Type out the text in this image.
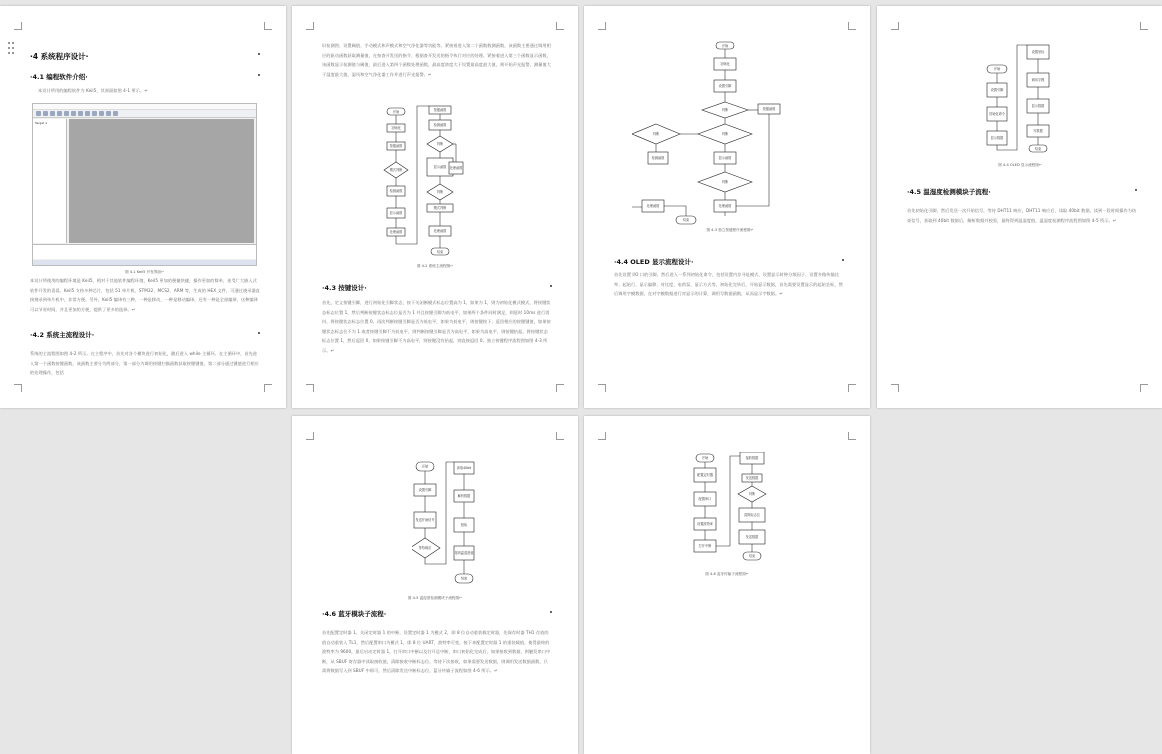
·4 系统程序设计·
·4.1 编程软件介绍·
本设计所用的编程软件为 Keil5，其界面如图 4-1 所示。↵
Target 1
图 4-1 Keil5 开发界面↵
本设计所使用的编程环境是 Keil5，相对于其他软件编程环境，Keil5 更加的便捷快捷，操作更加的简单，连受广大嵌入式软件开发的喜爱。Keil5 支持多种芯片，包括 51 单片机、STM32、MCS2、ARM 等，生成的 HEX 文件，可通过烧录器直接烧录到单片机中，非常方便。另外，Keil5 编译有三种，一种是移动，一种是移动编译，还有一种是全部编译，这种编译可以节省时间，并且更加的方便，提供了更多的选择。↵
·4.2 系统主流程设计·
系统的主流程图如图 4-2 所示。在主程序中，首先对各个模块进行初始化，随后进入 while 主循环。在主循环中，首先进入第一个函数按键函数，该函数主要分为两部分，第一部分为调用按键扫描函数获取按键键值，第二部分通过键值进行相应的处理操作，包括
识检测图、设置阈值、手动模式和声模式和空气净化器等功能等。紧接着进入第二个函数数测函数，该函数主要通过调用相应的驱动函数获取测量值，在按查开发送的指令、根据查开发送的指令执行对应的处理。紧接着进入第三个函数显示函数，该函数显示检测值与阈值，最后进入第四个函数处理函数，最高度浓度大于设置最高度最大值，则开始声光报警，测量值大于湿度最大值，湿风和空气净化器工作并进行声光报警。↵
开始
初始化
按键函数
模式判断
检测函数
显示函数
处理函数
按键函数
检测函数
判断
显示函数 处理函数
判断
模式判断
处理函数
结束
图 4-2 系统主流程图↵
·4.3 按键设计·
首先，定义按键引脚，进行初始化引脚状态，按下关闭断模式标志位置高为 1，如果为 1，则为初始化模式模式，将按键状态标志位置 1，然后判断按键状态标志位是否为 1 并且按键引脚为低电平，如果两个条件同时满足，则延时 10ms 进行消抖，将按键状态标志位置 0，再次判断按键引脚是否为低电平，如果为低电平，则按键按下；返回相应的按键键值，如果按键状态标志位不为 1 或者按键引脚不为低电平，则判断按键引脚是否为高电平，如果为高电平，则按键抬起，将按键状态标志位置 1，然后返回 0，如果按键引脚不为高电平，则按键没有抬起，则直接返回 0。独立按键程序流程图如图 4-3 所示。↵
开始
初始化
设置引脚
判断	按键函数
判断
判断
检测函数	显示函数
判断
处理函数	处理函数
结束
图 4-3 独立按键程序流程图↵
·4.4 OLED 显示流程设计·
首先设置 I/O 口的引脚，然后进入一系列初始化命令，包括设置内存寻址模式、设置显示时钟分频因子、设置多路传输比率、起始行、显示偏移、对比度、电荷泵、显示方式等，初始化完毕后，开始显示数据，首先需要设置显示的起始坐标，然后调用字模数据，在对字模数据进行对显示的计算，调用写数据函数，从而显示字数据。↵
开始
设置引脚
初始化命令
显示数据
设置坐标
调用字模
显示数据
写数据
结束
图 4-4 OLED 显示流程图↵
·4.5 温湿度检测模块子流程·
首先初始化引脚，然后发送一次开始信号，等待 DHT11 响应，DHT11 响应后，读取 40bit 数据，读到一段时间操作为结束信号，获取到 40bit 数据后，解析数据并校验，最终得到温湿度值，温湿度检测程序流程图如图 4-5 所示。↵
开始
设置引脚
发送开始信号
等待响应
读取40bit
解析数据
校验
得到温湿度值
结束
图 4-5 温湿度检测模块子流程图↵
·4.6 蓝牙模块子流程·
首先配置定时器 1，关闭定时器 1 的中断，设置定时器 1 为模式 2，即 8 位自动重装载定时器，先保存时器 TH1 存放的值自动重装入 TL1，然后配置串口为模式 1，即 8 位 UART，波特率可变，接下来配置定时器 1 的重装载值，使得最终的波特率为 9600，最后启动定时器 1，打开串口中断以及打开总中断，串口初始化完成后，如果接收到数据，则触发串口中断，从 SBUF 寄存器中读取接收值，清除接收中断标志位，等待下次接收，如果需要发送数据，则调用发送数据函数，只需将数据写入到 SBUF 中即可，然后清除发送中断标志位，蓝牙传输子流程如图 4-6 所示。↵
开始
配置定时器
配置串口
设置波特率
打开中断
接收数据
发送数据
判断
清除标志位
发送数据
结束
图 4-6 蓝牙传输子流程图↵
